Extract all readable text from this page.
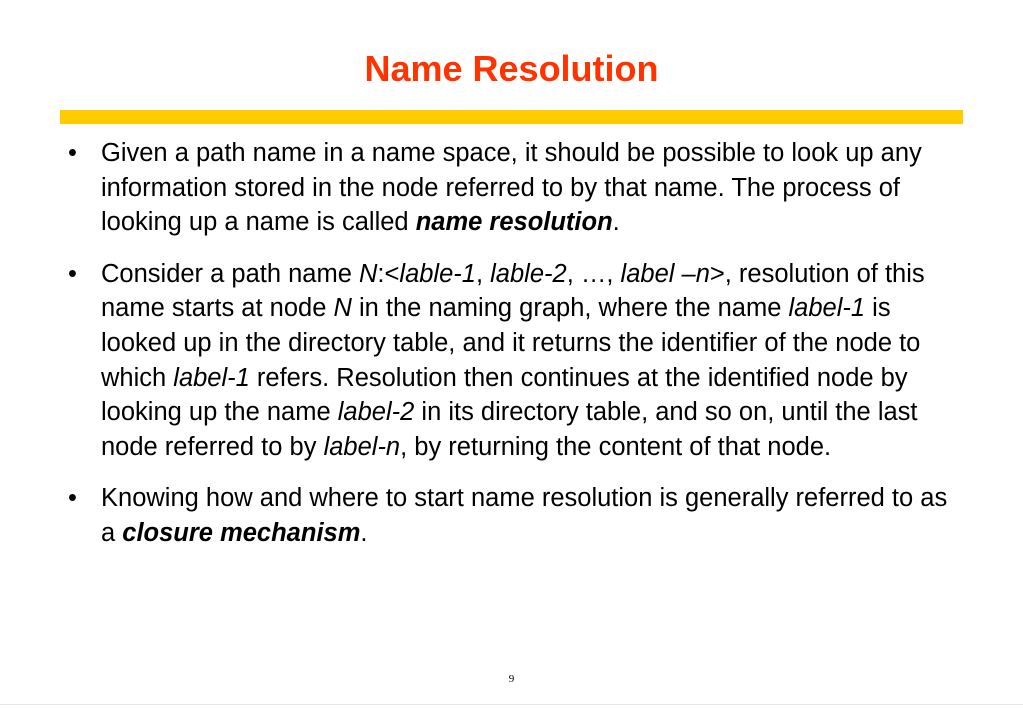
Name Resolution
• Given a path name in a name space, it should be possible to look up any information stored in the node referred to by that name. The process of looking up a name is called name resolution.
• Consider a path name N:<lable-1, lable-2, …, label –n>, resolution of this name starts at node N in the naming graph, where the name label-1 is looked up in the directory table, and it returns the identifier of the node to which label-1 refers. Resolution then continues at the identified node by looking up the name label-2 in its directory table, and so on, until the last node referred to by label-n, by returning the content of that node.
• Knowing how and where to start name resolution is generally referred to as a closure mechanism.
9
